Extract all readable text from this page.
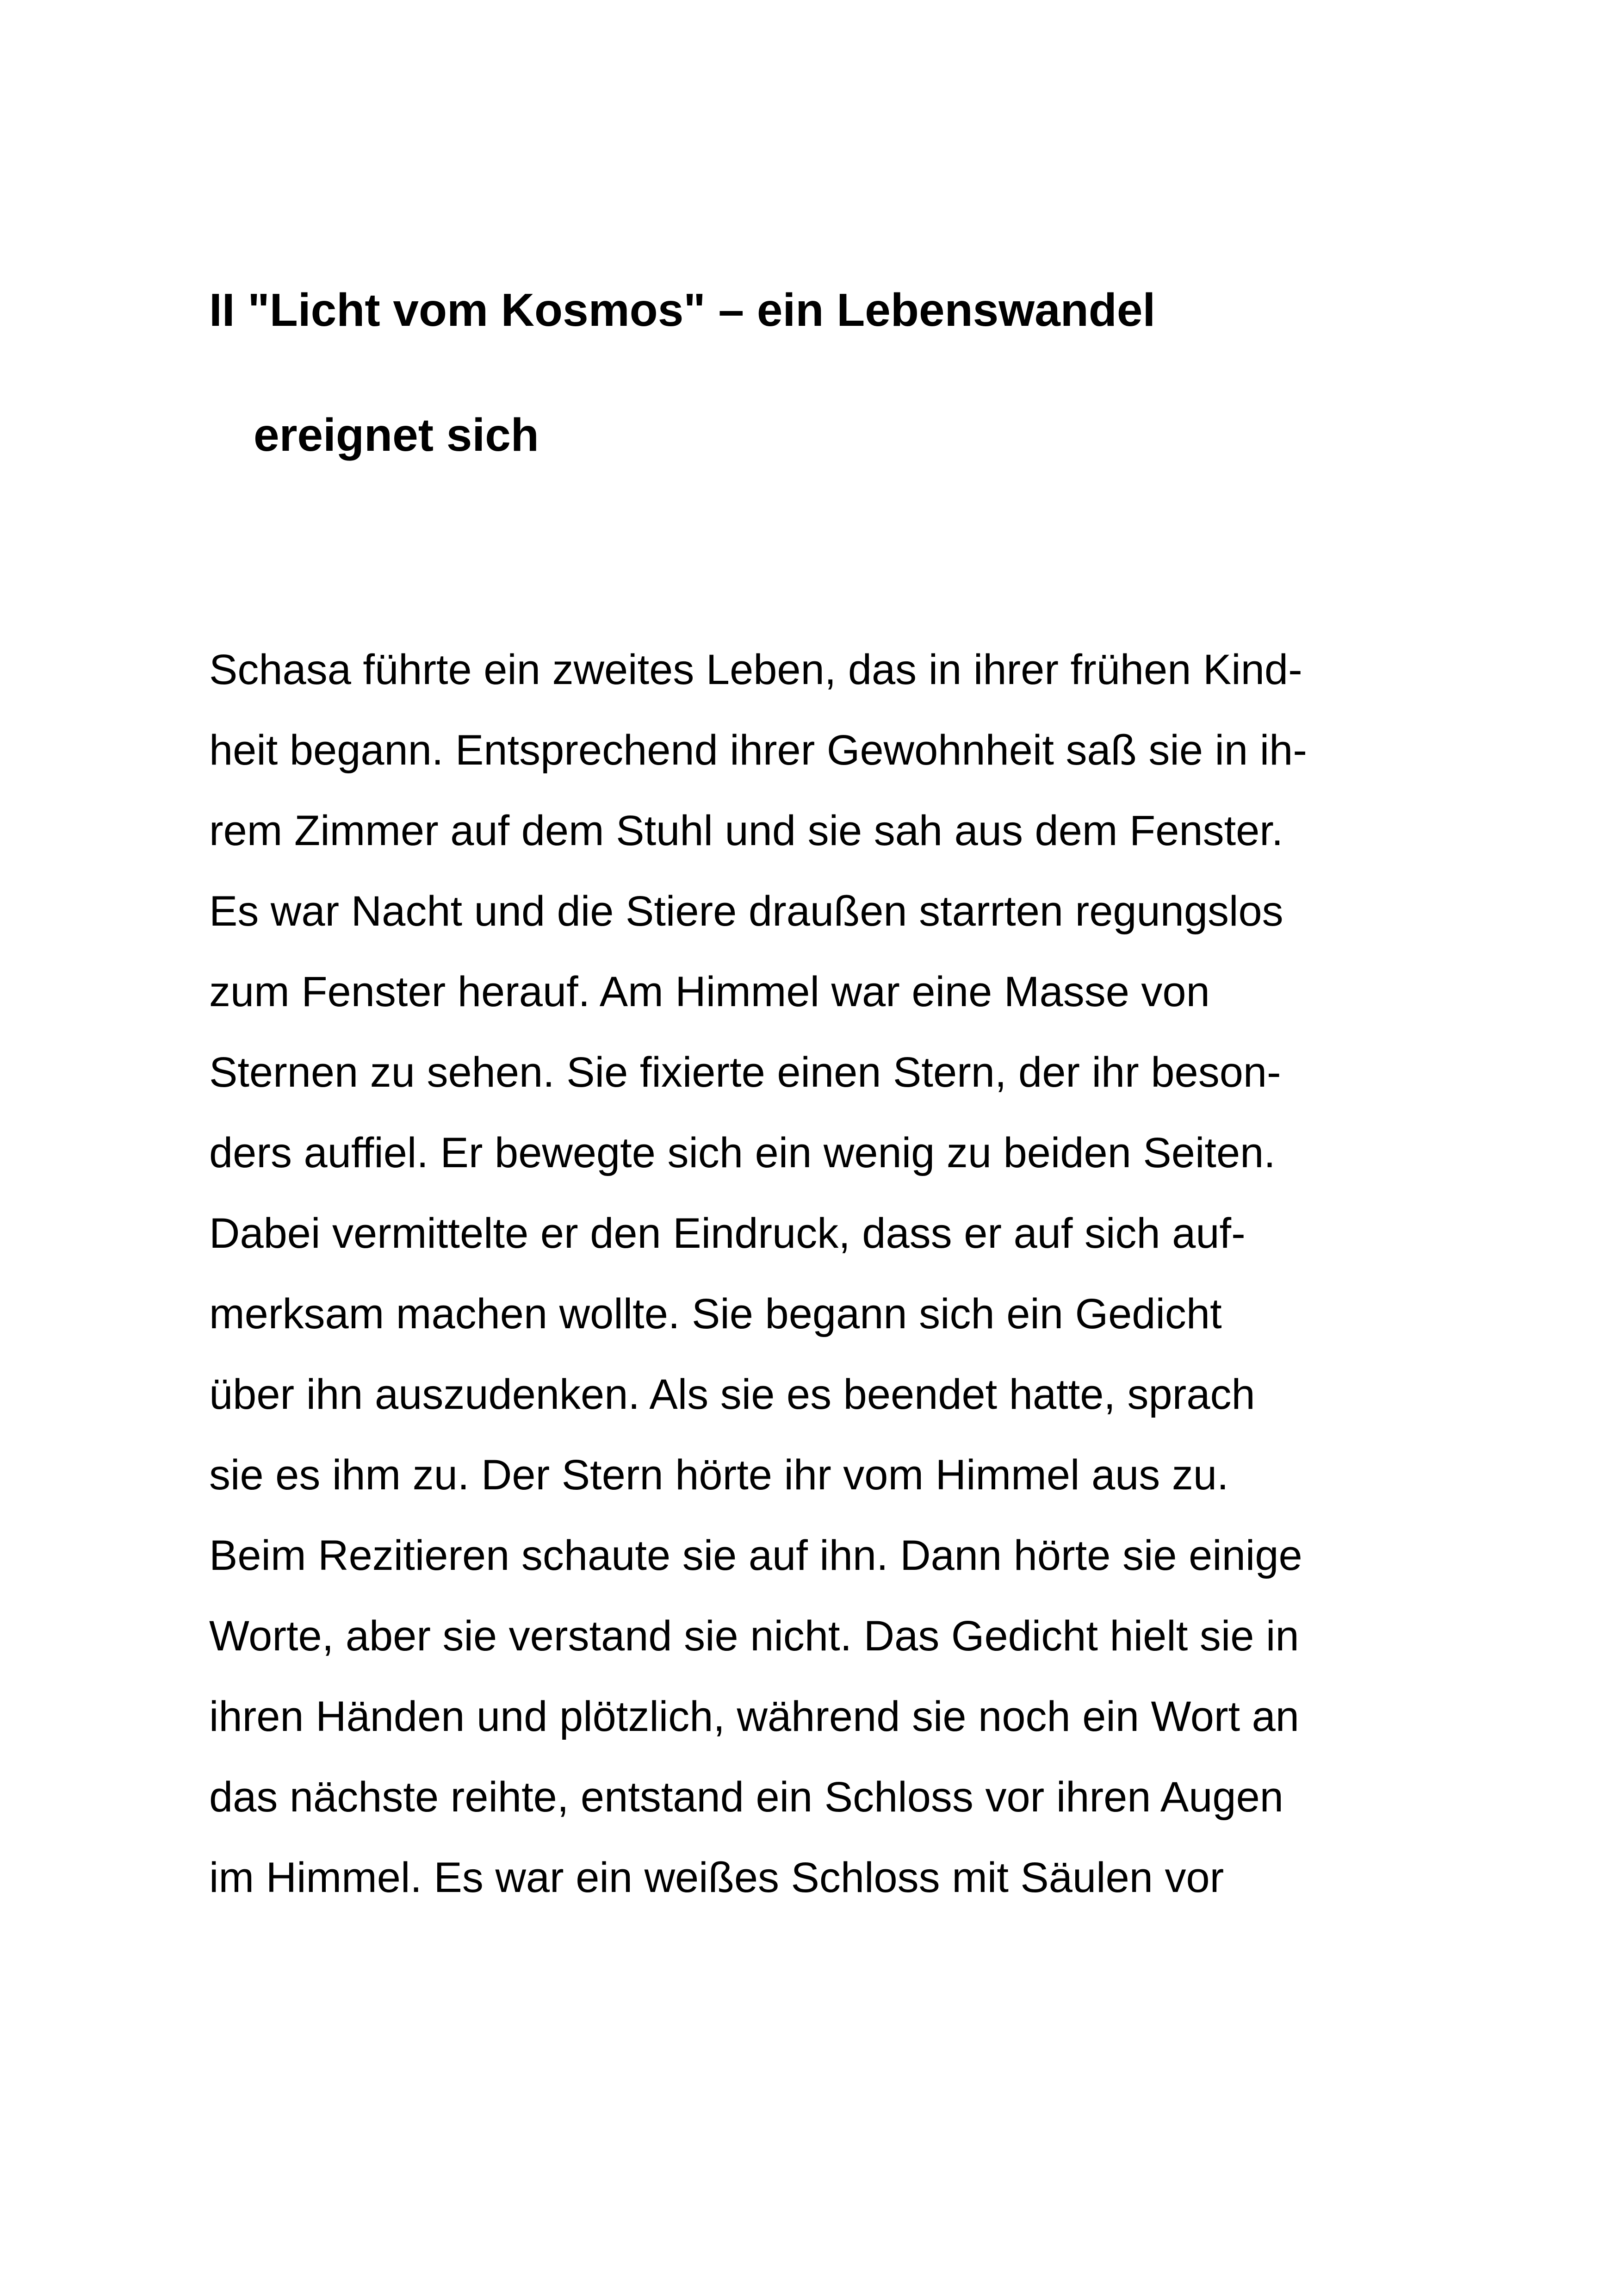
II "Licht vom Kosmos" – ein Lebenswandel
ereignet sich
Schasa führte ein zweites Leben, das in ihrer frühen Kind-
heit begann. Entsprechend ihrer Gewohnheit saß sie in ih-
rem Zimmer auf dem Stuhl und sie sah aus dem Fenster.
Es war Nacht und die Stiere draußen starrten regungslos
zum Fenster herauf. Am Himmel war eine Masse von
Sternen zu sehen. Sie fixierte einen Stern, der ihr beson-
ders auffiel. Er bewegte sich ein wenig zu beiden Seiten.
Dabei vermittelte er den Eindruck, dass er auf sich auf-
merksam machen wollte. Sie begann sich ein Gedicht
über ihn auszudenken. Als sie es beendet hatte, sprach
sie es ihm zu. Der Stern hörte ihr vom Himmel aus zu.
Beim Rezitieren schaute sie auf ihn. Dann hörte sie einige
Worte, aber sie verstand sie nicht. Das Gedicht hielt sie in
ihren Händen und plötzlich, während sie noch ein Wort an
das nächste reihte, entstand ein Schloss vor ihren Augen
im Himmel. Es war ein weißes Schloss mit Säulen vor
